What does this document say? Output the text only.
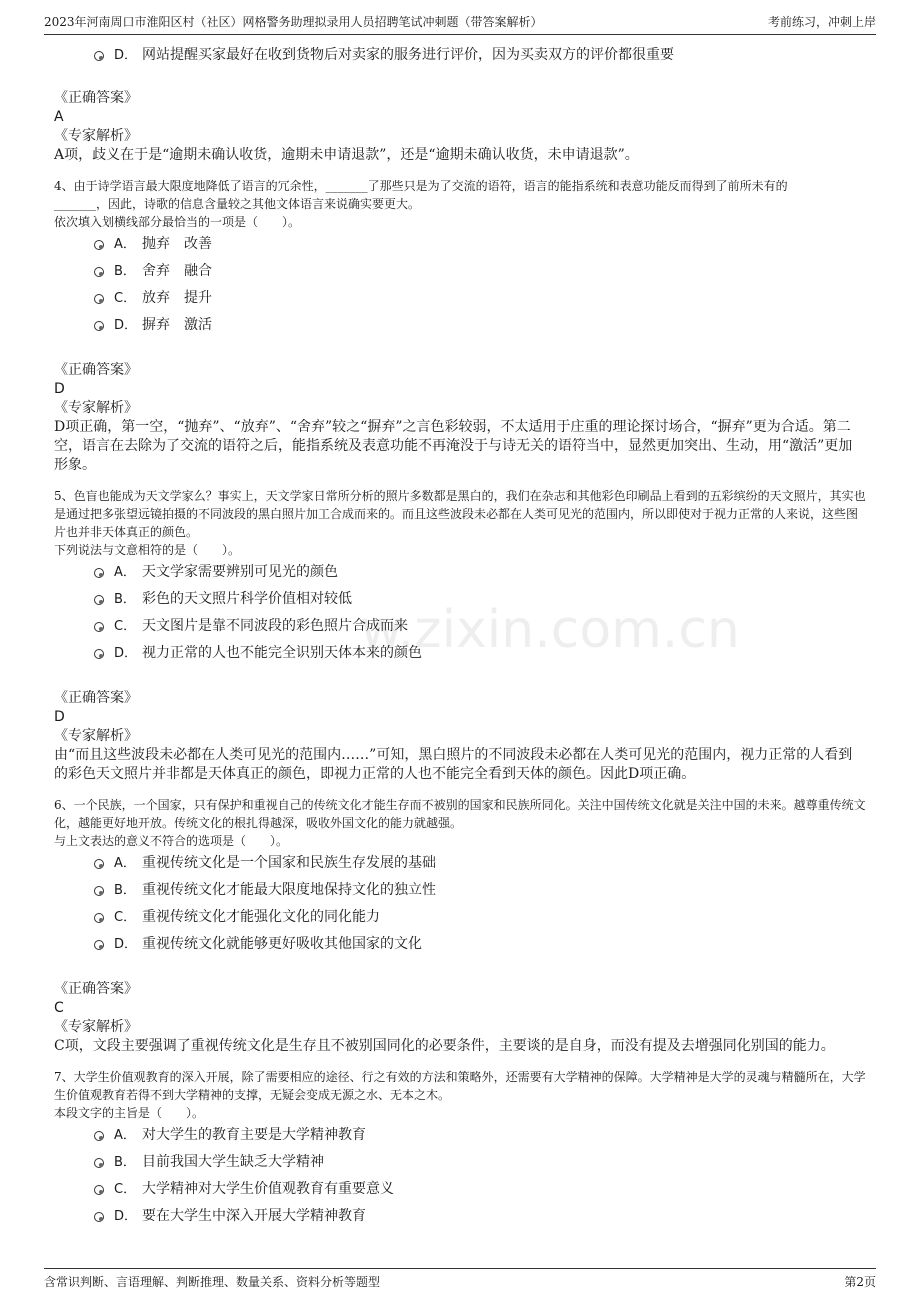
2023年河南周口市淮阳区村（社区）网格警务助理拟录用人员招聘笔试冲刺题（带答案解析）	考前练习，冲刺上岸
w.zixin.com.cn
D． 网站提醒买家最好在收到货物后对卖家的服务进行评价，因为买卖双方的评价都很重要

《正确答案》

A

《专家解析》

A项，歧义在于是“逾期未确认收货，逾期未申请退款”，还是“逾期未确认收货，未申请退款”。

4、由于诗学语言最大限度地降低了语言的冗余性，_______了那些只是为了交流的语符，语言的能指系统和表意功能反而得到了前所未有的
_______，因此，诗歌的信息含量较之其他文体语言来说确实要更大。

依次填入划横线部分最恰当的一项是（　　）。

A． 抛弃　改善
B． 舍弃　融合
C． 放弃　提升
D． 摒弃　激活

《正确答案》

D

《专家解析》

D项正确，第一空，“抛弃”、“放弃”、“舍弃”较之“摒弃”之言色彩较弱，不太适用于庄重的理论探讨场合，“摒弃”更为合适。第二空，语言在去除为了交流的语符之后，能指系统及表意功能不再淹没于与诗无关的语符当中，显然更加突出、生动，用“激活”更加形象。

5、色盲也能成为天文学家么？事实上，天文学家日常所分析的照片多数都是黑白的，我们在杂志和其他彩色印刷品上看到的五彩缤纷的天文照片，其实也是通过把多张望远镜拍摄的不同波段的黑白照片加工合成而来的。而且这些波段未必都在人类可见光的范围内，所以即使对于视力正常的人来说，这些图片也并非天体真正的颜色。

下列说法与文意相符的是（　　）。

A． 天文学家需要辨别可见光的颜色
B． 彩色的天文照片科学价值相对较低
C． 天文图片是靠不同波段的彩色照片合成而来
D． 视力正常的人也不能完全识别天体本来的颜色

《正确答案》

D

《专家解析》

由“而且这些波段未必都在人类可见光的范围内……”可知，黑白照片的不同波段未必都在人类可见光的范围内，视力正常的人看到的彩色天文照片并非都是天体真正的颜色，即视力正常的人也不能完全看到天体的颜色。因此D项正确。

6、一个民族，一个国家，只有保护和重视自己的传统文化才能生存而不被别的国家和民族所同化。关注中国传统文化就是关注中国的未来。越尊重传统文化，越能更好地开放。传统文化的根扎得越深，吸收外国文化的能力就越强。

与上文表达的意义不符合的选项是（　　）。

A． 重视传统文化是一个国家和民族生存发展的基础
B． 重视传统文化才能最大限度地保持文化的独立性
C． 重视传统文化才能强化文化的同化能力
D． 重视传统文化就能够更好吸收其他国家的文化

《正确答案》

C

《专家解析》

C项，文段主要强调了重视传统文化是生存且不被别国同化的必要条件，主要谈的是自身，而没有提及去增强同化别国的能力。

7、大学生价值观教育的深入开展，除了需要相应的途径、行之有效的方法和策略外，还需要有大学精神的保障。大学精神是大学的灵魂与精髓所在，大学生价值观教育若得不到大学精神的支撑，无疑会变成无源之水、无本之木。

本段文字的主旨是（　　）。

A． 对大学生的教育主要是大学精神教育
B． 目前我国大学生缺乏大学精神
C． 大学精神对大学生价值观教育有重要意义
D． 要在大学生中深入开展大学精神教育
含常识判断、言语理解、判断推理、数量关系、资料分析等题型	第2页
